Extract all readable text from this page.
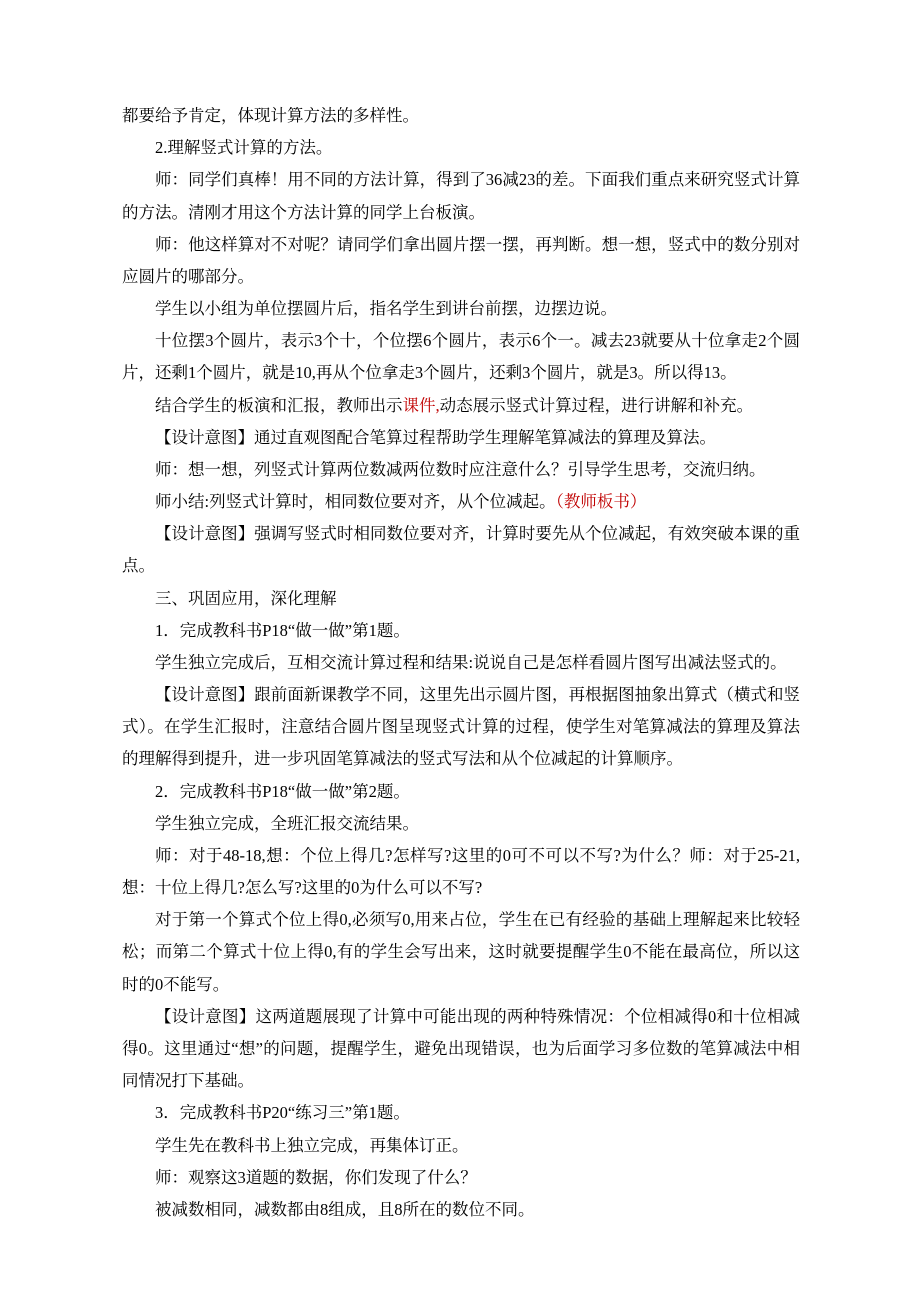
都要给予肯定，体现计算方法的多样性。

2.理解竖式计算的方法。

师：同学们真棒！用不同的方法计算，得到了36减23的差。下面我们重点来研究竖式计算的方法。清刚才用这个方法计算的同学上台板演。

师：他这样算对不对呢？请同学们拿出圆片摆一摆，再判断。想一想，竖式中的数分别对应圆片的哪部分。

学生以小组为单位摆圆片后，指名学生到讲台前摆，边摆边说。

十位摆3个圆片，表示3个十，个位摆6个圆片，表示6个一。减去23就要从十位拿走2个圆片，还剩1个圆片，就是10,再从个位拿走3个圆片，还剩3个圆片，就是3。所以得13。

结合学生的板演和汇报，教师出示课件,动态展示竖式计算过程，进行讲解和补充。

【设计意图】通过直观图配合笔算过程帮助学生理解笔算减法的算理及算法。

师：想一想，列竖式计算两位数减两位数时应注意什么？引导学生思考，交流归纳。

师小结:列竖式计算时，相同数位要对齐，从个位减起。（教师板书）

【设计意图】强调写竖式时相同数位要对齐，计算时要先从个位减起，有效突破本课的重点。

三、巩固应用，深化理解

1．完成教科书P18“做一做”第1题。

学生独立完成后，互相交流计算过程和结果:说说自己是怎样看圆片图写出减法竖式的。

【设计意图】跟前面新课教学不同，这里先出示圆片图，再根据图抽象出算式（横式和竖式）。在学生汇报时，注意结合圆片图呈现竖式计算的过程，使学生对笔算减法的算理及算法的理解得到提升，进一步巩固笔算减法的竖式写法和从个位减起的计算顺序。

2．完成教科书P18“做一做”第2题。

学生独立完成，全班汇报交流结果。

师：对于48-18,想：个位上得几?怎样写?这里的0可不可以不写?为什么？师：对于25-21,想：十位上得几?怎么写?这里的0为什么可以不写?

对于第一个算式个位上得0,必须写0,用来占位，学生在已有经验的基础上理解起来比较轻松；而第二个算式十位上得0,有的学生会写出来，这时就要提醒学生0不能在最高位，所以这时的0不能写。

【设计意图】这两道题展现了计算中可能出现的两种特殊情况：个位相减得0和十位相减得0。这里通过“想”的问题，提醒学生，避免出现错误，也为后面学习多位数的笔算减法中相同情况打下基础。

3．完成教科书P20“练习三”第1题。

学生先在教科书上独立完成，再集体订正。

师：观察这3道题的数据，你们发现了什么？

被减数相同，减数都由8组成，且8所在的数位不同。
